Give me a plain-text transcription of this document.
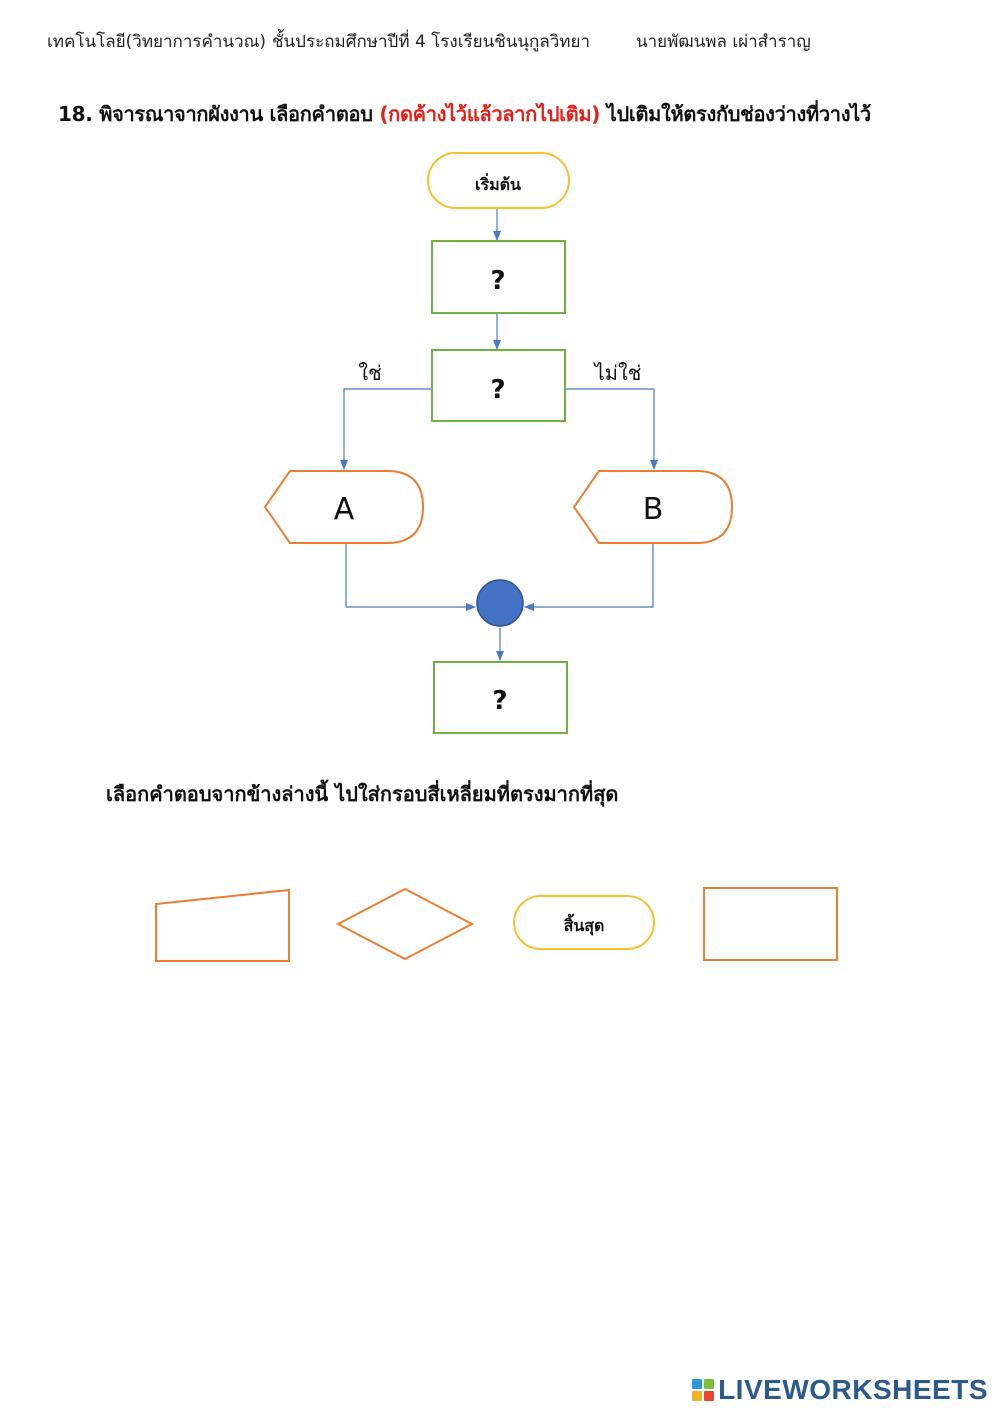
เทคโนโลยี(วิทยาการคำนวณ) ชั้นประถมศึกษาปีที่ 4 โรงเรียนชินนุกูลวิทยา	นายพัฒนพล เผ่าสำราญ
18. พิจารณาจากผังงาน เลือกคำตอบ (กดค้างไว้แล้วลากไปเติม) ไปเติมให้ตรงกับช่องว่างที่วางไว้
เริ่มต้น
?
?
ใช่	ไม่ใช่
A	B
?
สิ้นสุด
เลือกคำตอบจากข้างล่างนี้ ไปใส่กรอบสี่เหลี่ยมที่ตรงมากที่สุด
LIVEWORKSHEETS
